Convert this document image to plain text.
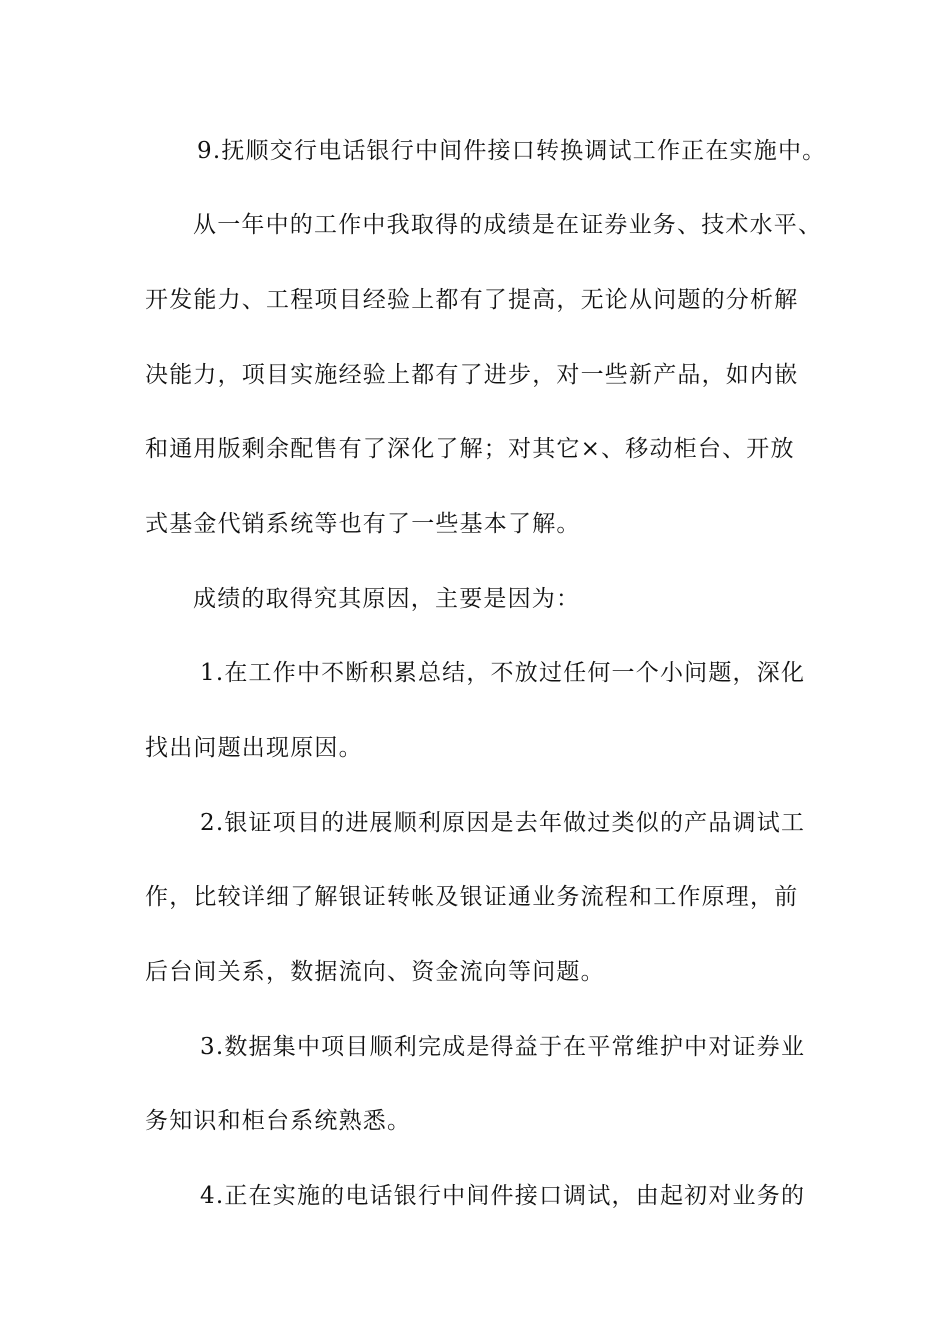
9.抚顺交行电话银行中间件接口转换调试工作正在实施中。
从一年中的工作中我取得的成绩是在证券业务、技术水平、
开发能力、工程项目经验上都有了提高，无论从问题的分析解
决能力，项目实施经验上都有了进步，对一些新产品，如内嵌
和通用版剩余配售有了深化了解；对其它×、移动柜台、开放
式基金代销系统等也有了一些基本了解。
成绩的取得究其原因，主要是因为：
1.在工作中不断积累总结，不放过任何一个小问题，深化
找出问题出现原因。
2.银证项目的进展顺利原因是去年做过类似的产品调试工
作，比较详细了解银证转帐及银证通业务流程和工作原理，前
后台间关系，数据流向、资金流向等问题。
3.数据集中项目顺利完成是得益于在平常维护中对证券业
务知识和柜台系统熟悉。
4.正在实施的电话银行中间件接口调试，由起初对业务的
